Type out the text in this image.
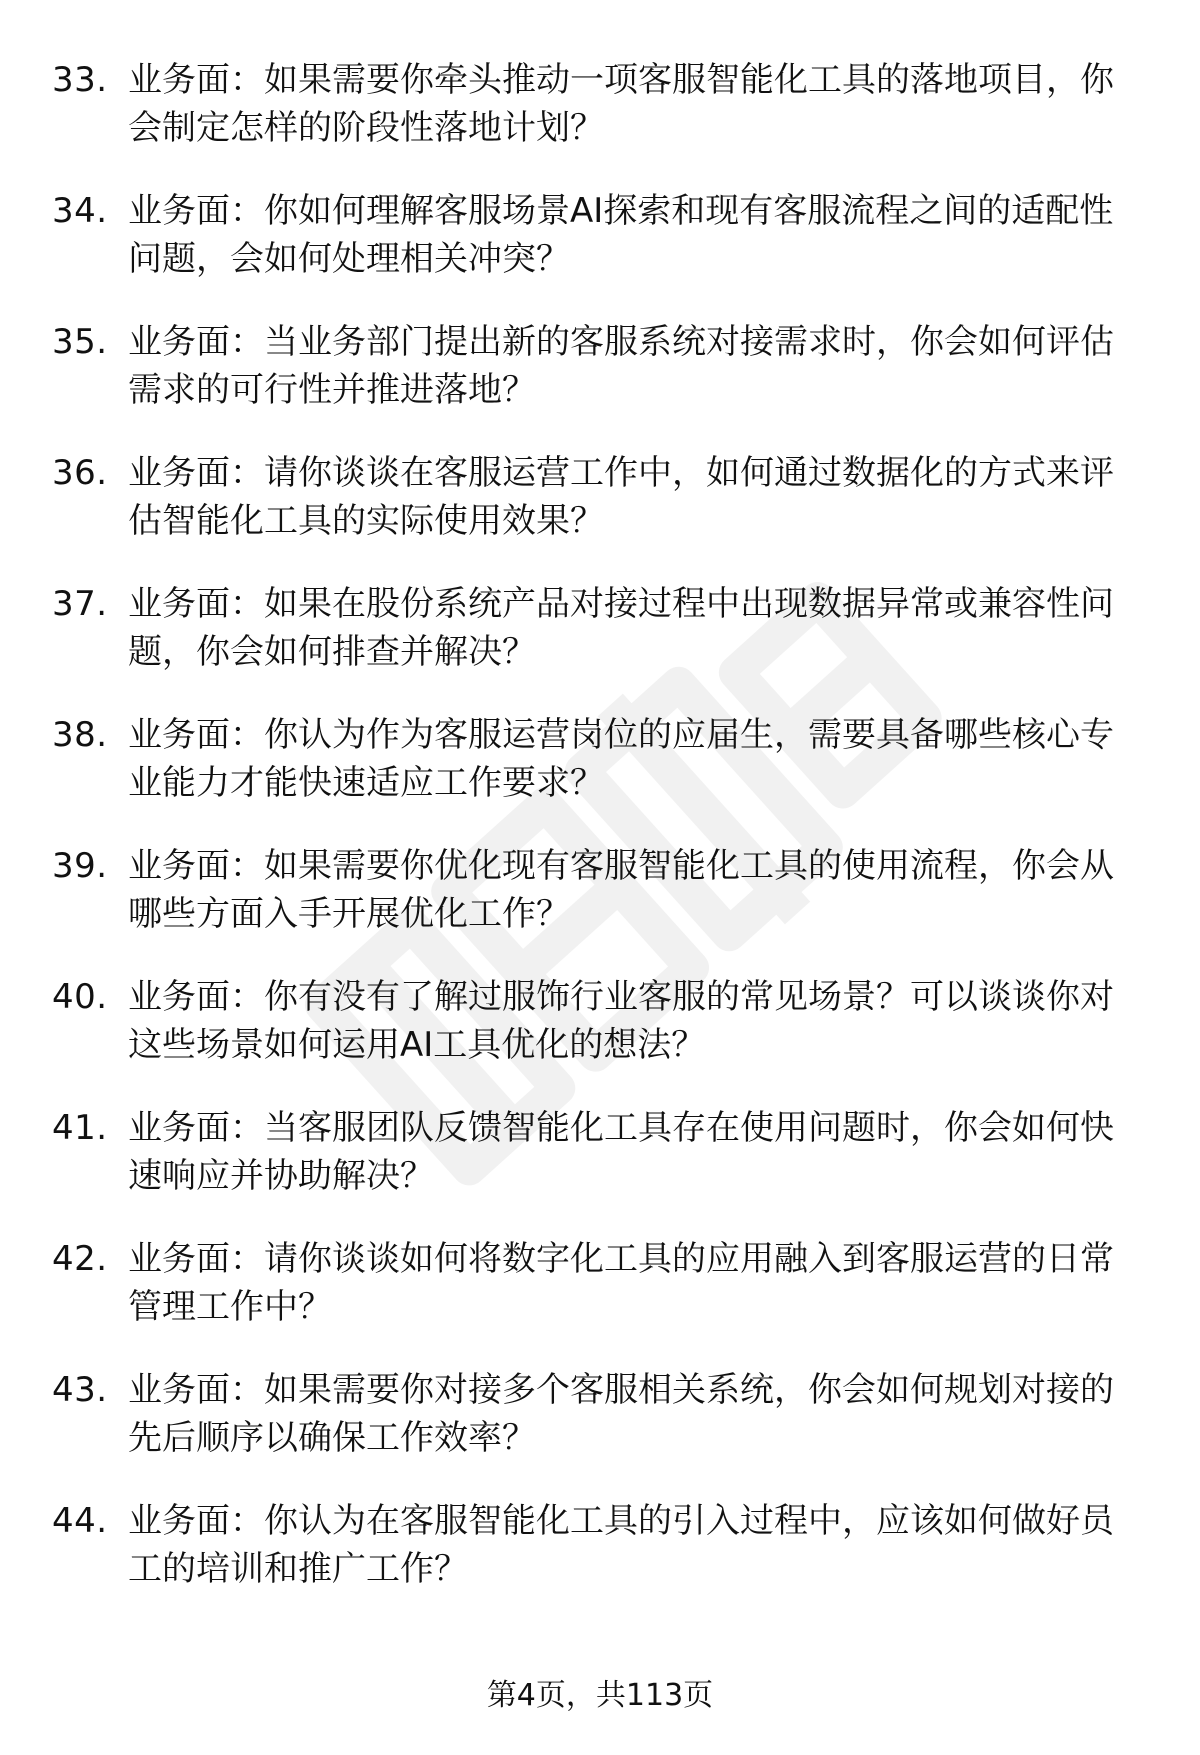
33. 业务面：如果需要你牵头推动一项客服智能化工具的落地项目，你会制定怎样的阶段性落地计划？
34. 业务面：你如何理解客服场景AI探索和现有客服流程之间的适配性问题，会如何处理相关冲突？
35. 业务面：当业务部门提出新的客服系统对接需求时，你会如何评估需求的可行性并推进落地？
36. 业务面：请你谈谈在客服运营工作中，如何通过数据化的方式来评估智能化工具的实际使用效果？
37. 业务面：如果在股份系统产品对接过程中出现数据异常或兼容性问题，你会如何排查并解决？
38. 业务面：你认为作为客服运营岗位的应届生，需要具备哪些核心专业能力才能快速适应工作要求？
39. 业务面：如果需要你优化现有客服智能化工具的使用流程，你会从哪些方面入手开展优化工作？
40. 业务面：你有没有了解过服饰行业客服的常见场景？可以谈谈你对这些场景如何运用AI工具优化的想法？
41. 业务面：当客服团队反馈智能化工具存在使用问题时，你会如何快速响应并协助解决？
42. 业务面：请你谈谈如何将数字化工具的应用融入到客服运营的日常管理工作中？
43. 业务面：如果需要你对接多个客服相关系统，你会如何规划对接的先后顺序以确保工作效率？
44. 业务面：你认为在客服智能化工具的引入过程中，应该如何做好员工的培训和推广工作？
第4页，共113页
